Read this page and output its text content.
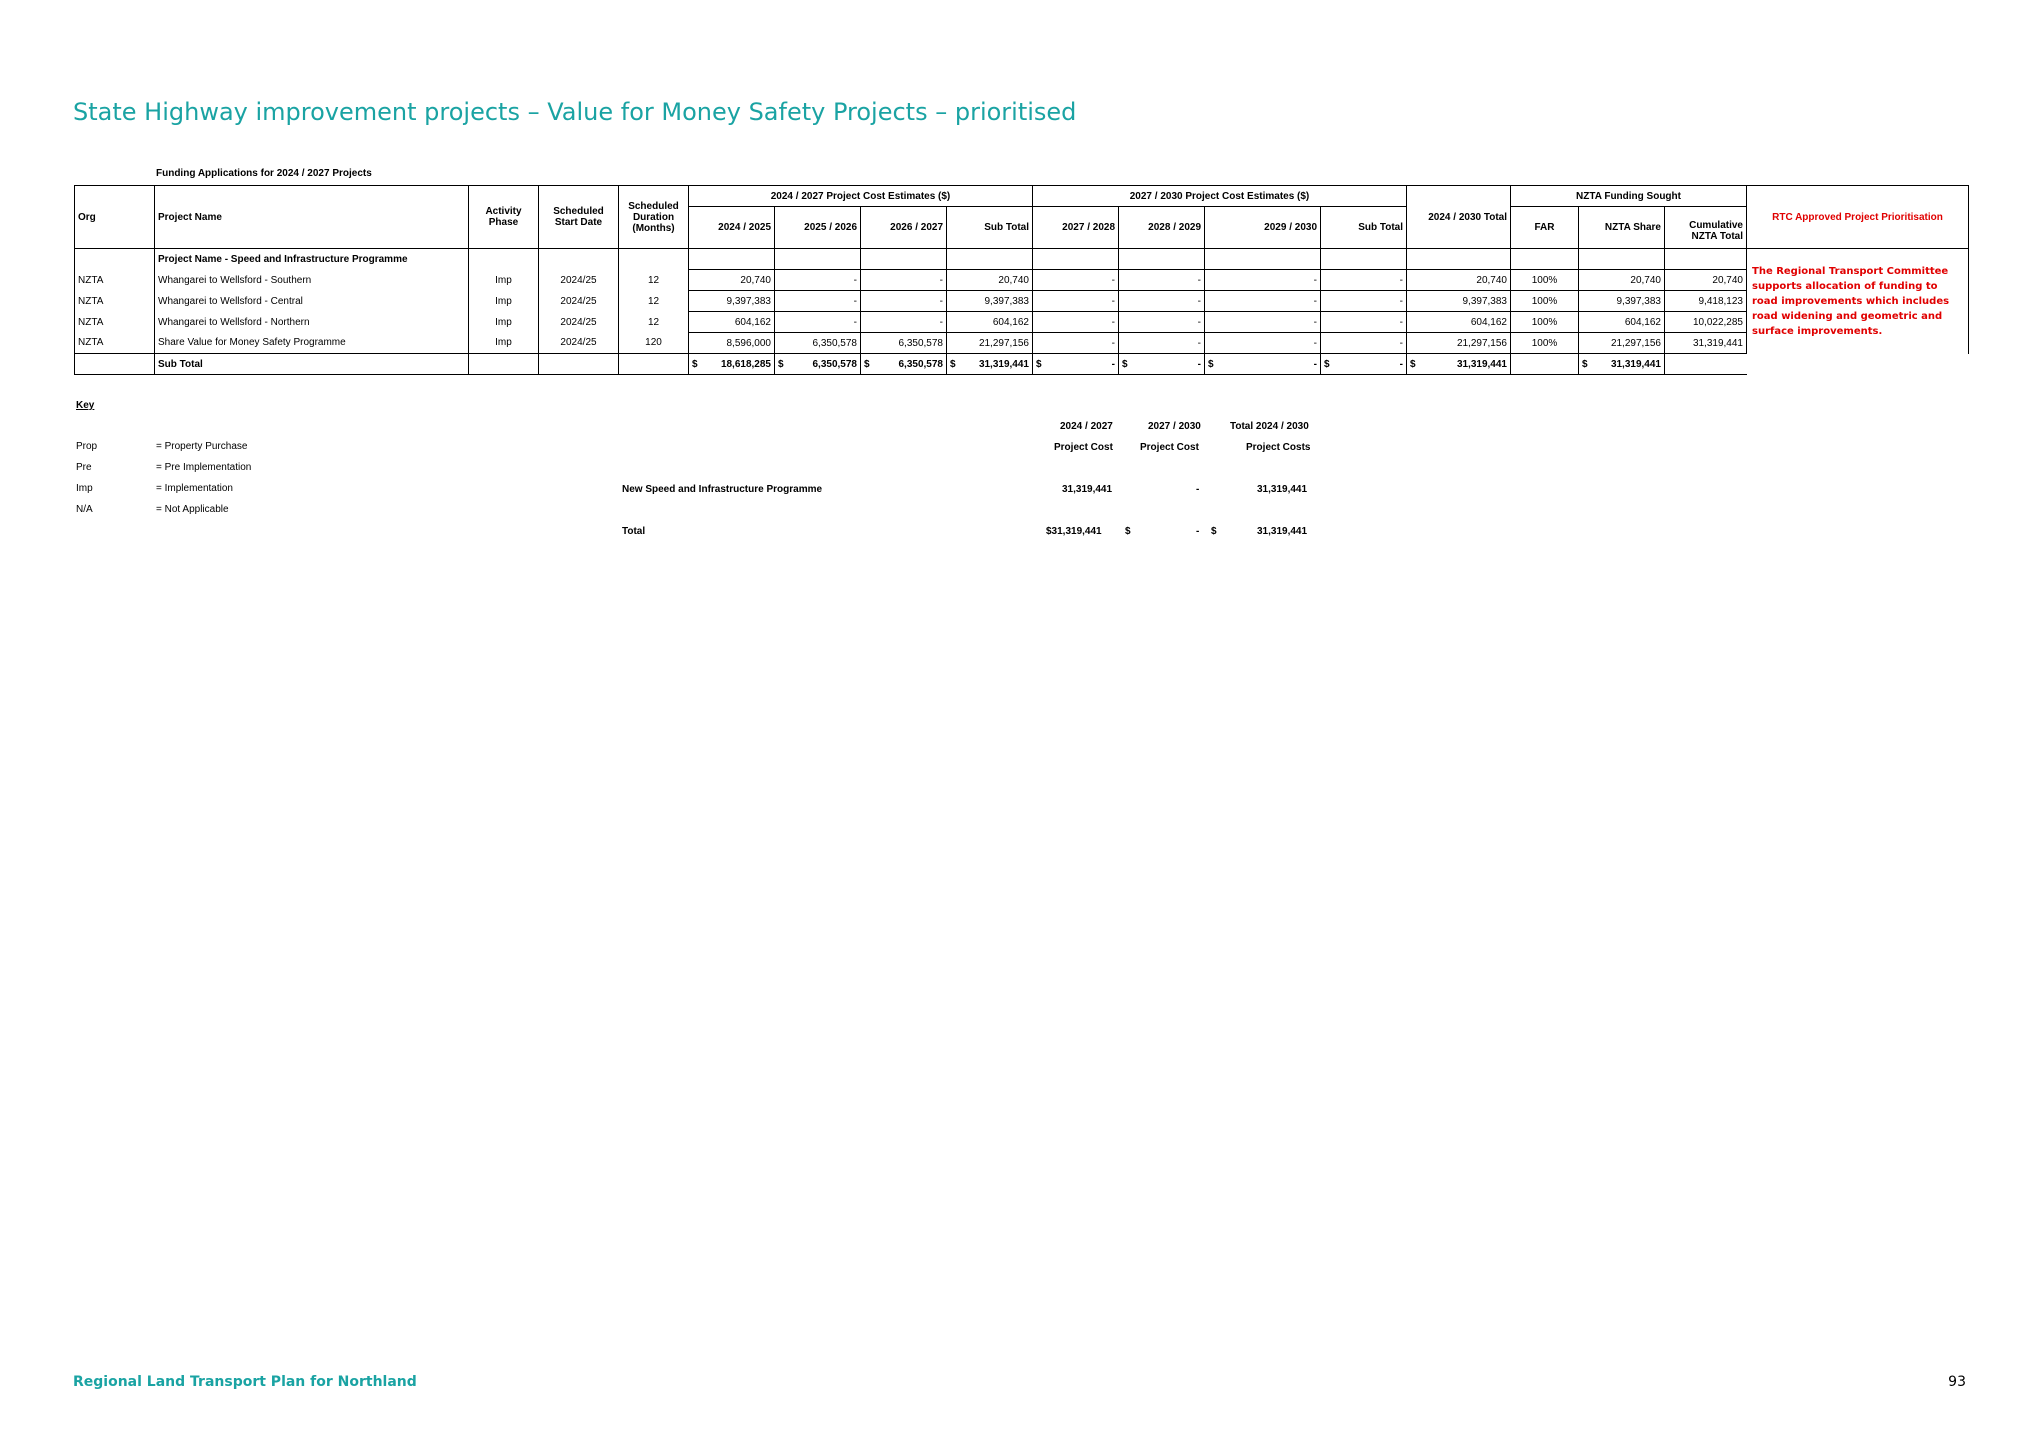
State Highway improvement projects – Value for Money Safety Projects – prioritised
Funding Applications for 2024 / 2027 Projects
Org	Project Name	Activity Phase	Scheduled Start Date	Scheduled Duration (Months)	2024 / 2027 Project Cost Estimates ($)				2027 / 2030 Project Cost Estimates ($)				2024 / 2030 Total	NZTA Funding Sought			RTC Approved Project Prioritisation
					2024 / 2025	2025 / 2026	2026 / 2027	Sub Total	2027 / 2028	2028 / 2029	2029 / 2030	Sub Total		FAR	NZTA Share	Cumulative NZTA Total	
	Project Name - Speed and Infrastructure Programme																The Regional Transport Committee supports allocation of funding to road improvements which includes road widening and geometric and surface improvements.

NZTA	Whangarei to Wellsford - Southern	Imp	2024/25	12	20,740	-	-	20,740	-	-	-	-	20,740	100%	20,740	20,740	
NZTA	Whangarei to Wellsford - Central	Imp	2024/25	12	9,397,383	-	-	9,397,383	-	-	-	-	9,397,383	100%	9,397,383	9,418,123	
NZTA	Whangarei to Wellsford - Northern	Imp	2024/25	12	604,162	-	-	604,162	-	-	-	-	604,162	100%	604,162	10,022,285	
NZTA	Share Value for Money Safety Programme	Imp	2024/25	120	8,596,000	6,350,578	6,350,578	21,297,156	-	-	-	-	21,297,156	100%	21,297,156	31,319,441	
	Sub Total				$ 18,618,285	$ 6,350,578	$ 6,350,578	$ 31,319,441	$ -	$ -	$ -	$ -	$ 31,319,441		$ 31,319,441		
Key
Prop	= Property Purchase
Pre	= Pre Implementation
Imp	= Implementation
N/A	= Not Applicable
2024 / 2027	2027 / 2030	Total 2024 / 2030
Project Cost	Project Cost	Project Costs
New Speed and Infrastructure Programme	31,319,441	-	31,319,441
Total	$31,319,441 $	- $	31,319,441
Regional Land Transport Plan for Northland	93
